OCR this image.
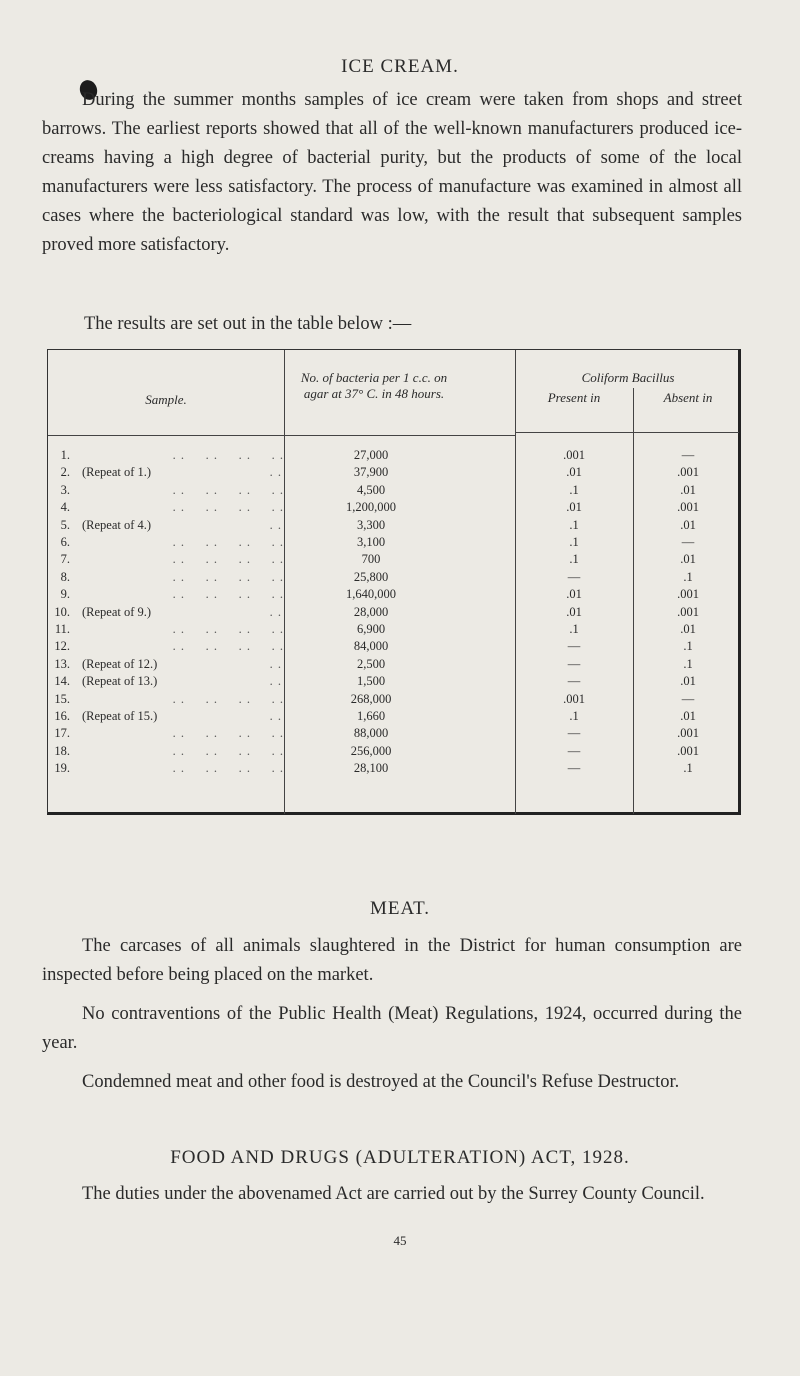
ICE CREAM.
During the summer months samples of ice cream were taken from shops and street barrows. The earliest reports showed that all of the well-known manufacturers produced ice-creams having a high degree of bacterial purity, but the products of some of the local manufacturers were less satisfactory. The process of manufacture was examined in almost all cases where the bacteriological standard was low, with the result that subsequent samples proved more satisfactory.
The results are set out in the table below :—
Sample.
No. of bacteria per 1 c.c. on agar at 37° C. in 48 hours.
Coliform Bacillus
Present in	Absent in
1.	27,000	.001	—
. .     . .     . .     . .
2. (Repeat of 1.)	37,900	.01	.001
. .
3.	4,500	.1	.01
. .     . .     . .     . .
4.	1,200,000	.01	.001
. .     . .     . .     . .
5. (Repeat of 4.)	3,300	.1	.01
. .
6.	3,100	.1	—
. .     . .     . .     . .
7.	700	.1	.01
. .     . .     . .     . .
8.	25,800	—	.1
. .     . .     . .     . .
9.	1,640,000	.01	.001
. .     . .     . .     . .
10. (Repeat of 9.)	28,000	.01	.001
. .
11.	6,900	.1	.01
. .     . .     . .     . .
12.	84,000	—	.1
. .     . .     . .     . .
13. (Repeat of 12.)	2,500	—	.1
. .
14. (Repeat of 13.)	1,500	—	.01
. .
15.	268,000	.001	—
. .     . .     . .     . .
16. (Repeat of 15.)	1,660	.1	.01
. .
17.	88,000	—	.001
. .     . .     . .     . .
18.	256,000	—	.001
. .     . .     . .     . .
19.	28,100	—	.1
. .     . .     . .     . .
MEAT.
The carcases of all animals slaughtered in the District for human consumption are inspected before being placed on the market.
No contraventions of the Public Health (Meat) Regulations, 1924, occurred during the year.
Condemned meat and other food is destroyed at the Council's Refuse Destructor.
FOOD AND DRUGS (ADULTERATION) ACT, 1928.
The duties under the abovenamed Act are carried out by the Surrey County Council.
45
